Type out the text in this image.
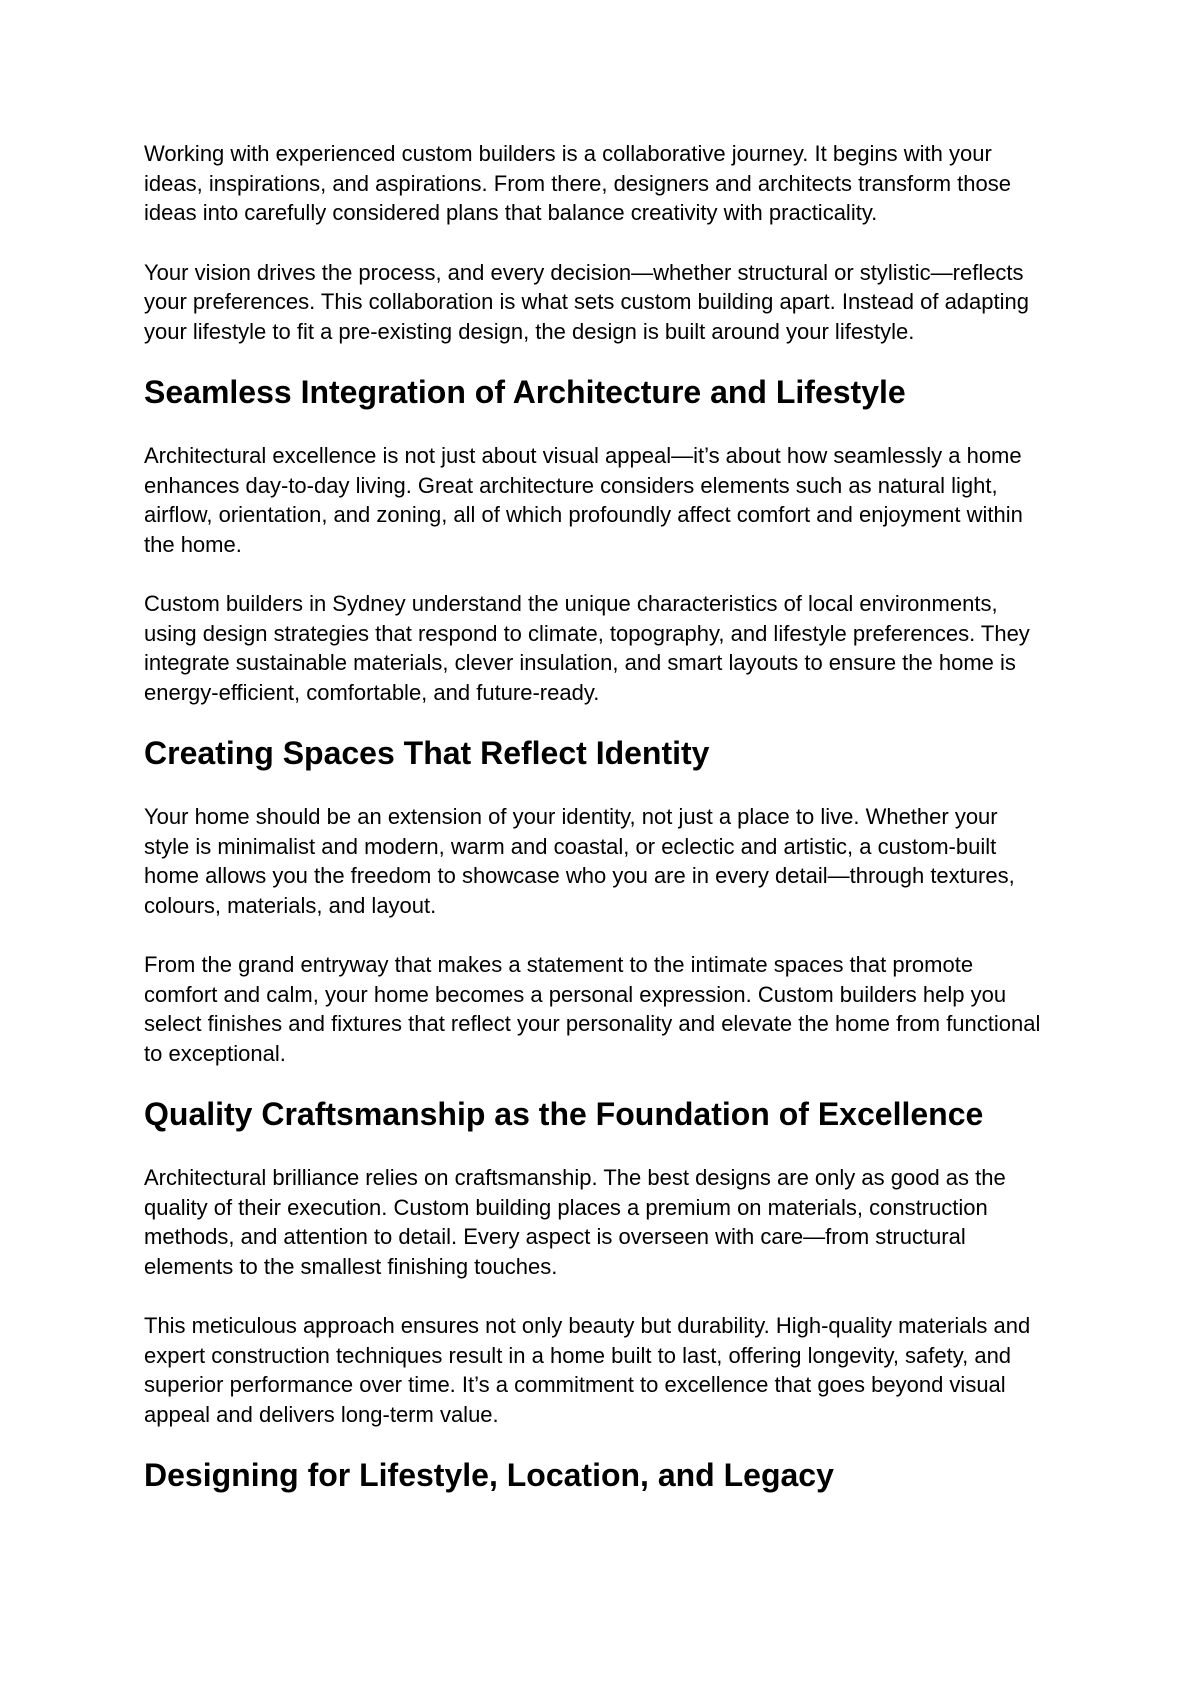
Working with experienced custom builders is a collaborative journey. It begins with your ideas, inspirations, and aspirations. From there, designers and architects transform those ideas into carefully considered plans that balance creativity with practicality.

Your vision drives the process, and every decision—whether structural or stylistic—reflects your preferences. This collaboration is what sets custom building apart. Instead of adapting your lifestyle to fit a pre-existing design, the design is built around your lifestyle.

Seamless Integration of Architecture and Lifestyle

Architectural excellence is not just about visual appeal—it’s about how seamlessly a home enhances day-to-day living. Great architecture considers elements such as natural light, airflow, orientation, and zoning, all of which profoundly affect comfort and enjoyment within the home.

Custom builders in Sydney understand the unique characteristics of local environments, using design strategies that respond to climate, topography, and lifestyle preferences. They integrate sustainable materials, clever insulation, and smart layouts to ensure the home is energy-efficient, comfortable, and future-ready.

Creating Spaces That Reflect Identity

Your home should be an extension of your identity, not just a place to live. Whether your style is minimalist and modern, warm and coastal, or eclectic and artistic, a custom-built home allows you the freedom to showcase who you are in every detail—through textures, colours, materials, and layout.

From the grand entryway that makes a statement to the intimate spaces that promote comfort and calm, your home becomes a personal expression. Custom builders help you select finishes and fixtures that reflect your personality and elevate the home from functional to exceptional.

Quality Craftsmanship as the Foundation of Excellence

Architectural brilliance relies on craftsmanship. The best designs are only as good as the quality of their execution. Custom building places a premium on materials, construction methods, and attention to detail. Every aspect is overseen with care—from structural elements to the smallest finishing touches.

This meticulous approach ensures not only beauty but durability. High-quality materials and expert construction techniques result in a home built to last, offering longevity, safety, and superior performance over time. It’s a commitment to excellence that goes beyond visual appeal and delivers long-term value.

Designing for Lifestyle, Location, and Legacy
